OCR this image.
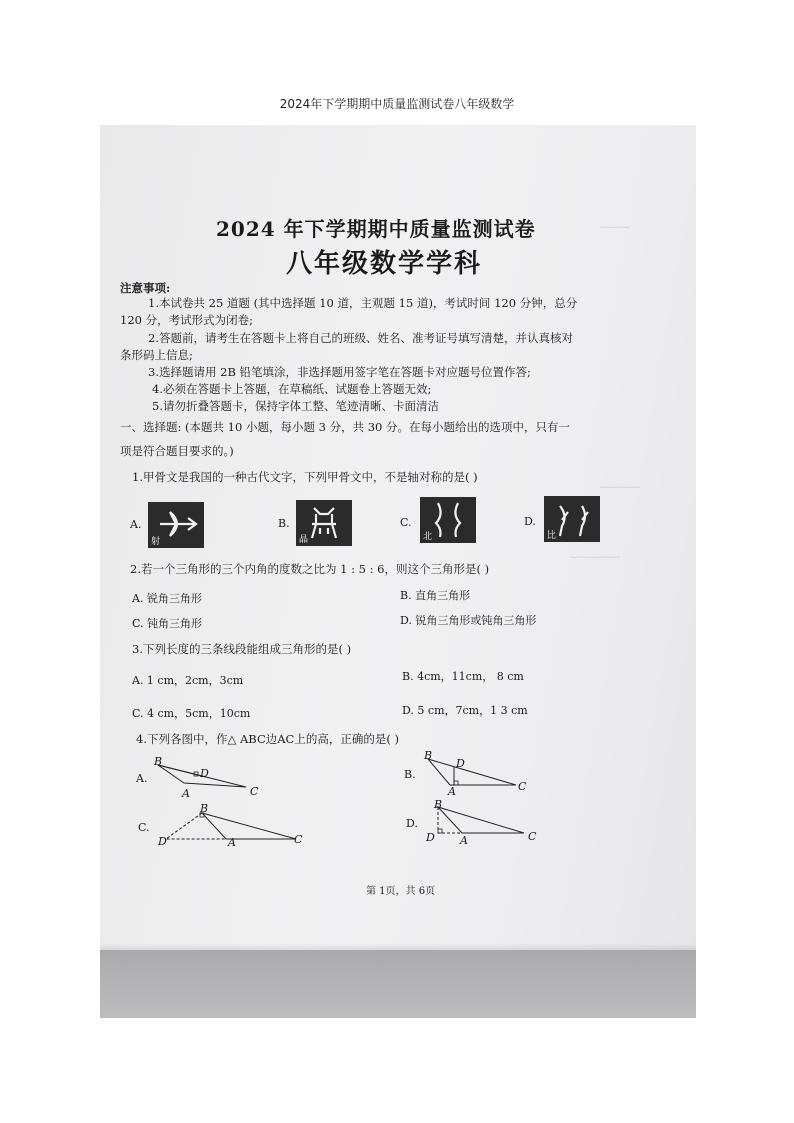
2024年下学期期中质量监测试卷八年级数学
﹏﹏﹏
﹏﹏﹏﹏
﹏﹏﹏﹏﹏
2024 年下学期期中质量监测试卷
八年级数学学科
注意事项:
1.本试卷共 25 道题 (其中选择题 10 道，主观题 15 道)，考试时间 120 分钟，总分
120 分，考试形式为闭卷;
2.答题前，请考生在答题卡上将自己的班级、姓名、准考证号填写清楚，并认真核对
条形码上信息;
3.选择题请用 2B 铅笔填涂，非选择题用签字笔在答题卡对应题号位置作答;
4.必须在答题卡上答题，在草稿纸、试题卷上答题无效;
5.请勿折叠答题卡，保持字体工整、笔迹清晰、卡面清洁
一、选择题: (本题共 10 小题，每小题 3 分，共 30 分。在每小题给出的选项中，只有一
项是符合题目要求的。)
1.甲骨文是我国的一种古代文字，下列甲骨文中，不是轴对称的是( )
A.
射
B.
晶
C.
北
D.
比
2.若一个三角形的三个内角的度数之比为 1 : 5 : 6，则这个三角形是( )
A. 锐角三角形	B. 直角三角形
C. 钝角三角形	D. 锐角三角形或钝角三角形
3.下列长度的三条线段能组成三角形的是( )
A. 1 cm，2cm，3cm	B. 4cm，11cm， 8 cm
C. 4 cm，5cm，10cm	D. 5 cm，7cm，1 3 cm
4.下列各图中，作△ ABC边AC上的高，正确的是( )
A.
B
D
A	C
B.
B
D
A	C
C.
B
D	A	C
D.
B
D A	C
第 1页，共 6页
